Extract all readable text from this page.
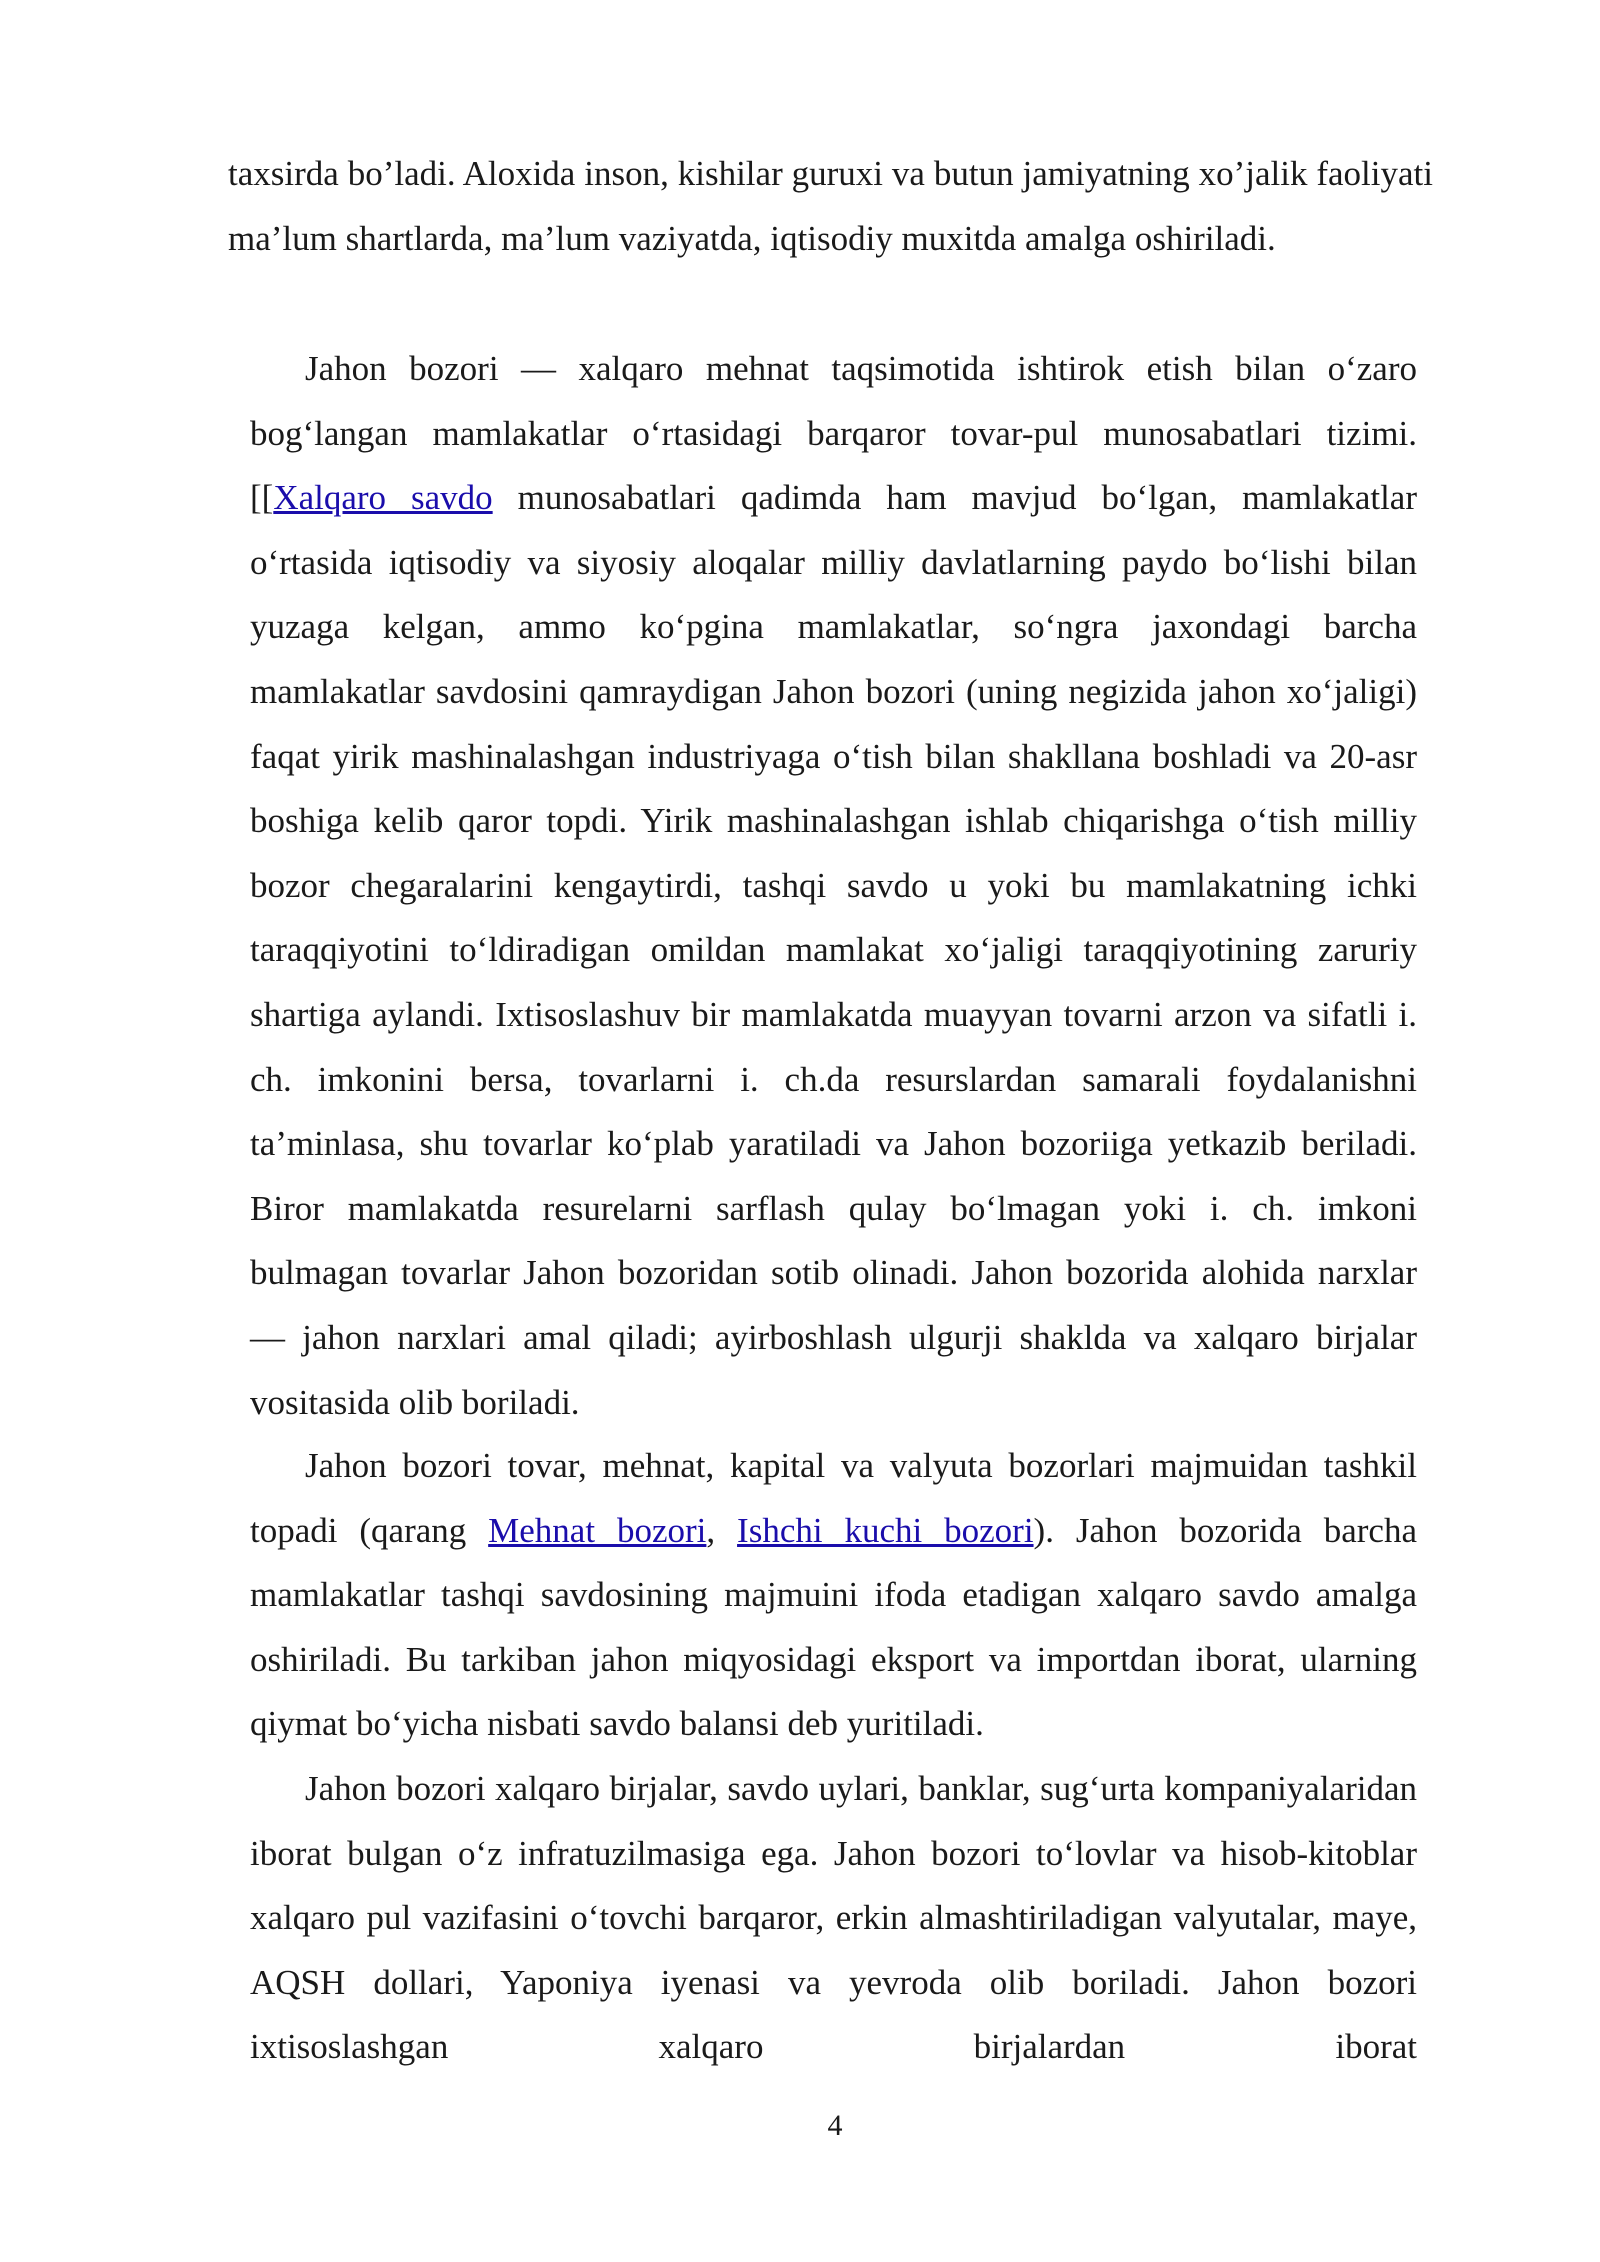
taxsirda bo’ladi. Aloxida inson, kishilar guruxi va butun jamiyatning xo’jalik faoliyati ma’lum shartlarda, ma’lum vaziyatda, iqtisodiy muxitda amalga oshiriladi.

Jahon bozori — xalqaro mehnat taqsimotida ishtirok etish bilan oʻzaro bogʻlangan mamlakatlar oʻrtasidagi barqaror tovar-pul munosabatlari tizimi. [[Xalqaro savdo munosabatlari qadimda ham mavjud boʻlgan, mamlakatlar oʻrtasida iqtisodiy va siyosiy aloqalar milliy davlatlarning paydo boʻlishi bilan yuzaga kelgan, ammo koʻpgina mamlakatlar, soʻngra jaxondagi barcha mamlakatlar savdosini qamraydigan Jahon bozori (uning negizida jahon xoʻjaligi) faqat yirik mashinalashgan industriyaga oʻtish bilan shakllana boshladi va 20-asr boshiga kelib qaror topdi. Yirik mashinalashgan ishlab chiqarishga oʻtish milliy bozor chegaralarini kengaytirdi, tashqi savdo u yoki bu mamlakatning ichki taraqqiyotini toʻldiradigan omildan mamlakat xoʻjaligi taraqqiyotining zaruriy shartiga aylandi. Ixtisoslashuv bir mamlakatda muayyan tovarni arzon va sifatli i. ch. imkonini bersa, tovarlarni i. ch.da resurslardan samarali foydalanishni ta’minlasa, shu tovarlar koʻplab yaratiladi va Jahon bozoriiga yetkazib beriladi. Biror mamlakatda resurelarni sarflash qulay boʻlmagan yoki i. ch. imkoni bulmagan tovarlar Jahon bozoridan sotib olinadi. Jahon bozorida alohida narxlar — jahon narxlari amal qiladi; ayirboshlash ulgurji shaklda va xalqaro birjalar vositasida olib boriladi.

Jahon bozori tovar, mehnat, kapital va valyuta bozorlari majmuidan tashkil topadi (qarang Mehnat bozori, Ishchi kuchi bozori). Jahon bozorida barcha mamlakatlar tashqi savdosining majmuini ifoda etadigan xalqaro savdo amalga oshiriladi. Bu tarkiban jahon miqyosidagi eksport va importdan iborat, ularning qiymat boʻyicha nisbati savdo balansi deb yuritiladi.

Jahon bozori xalqaro birjalar, savdo uylari, banklar, sugʻurta kompaniyalaridan iborat bulgan oʻz infratuzilmasiga ega. Jahon bozori toʻlovlar va hisob-kitoblar xalqaro pul vazifasini oʻtovchi barqaror, erkin almashtiriladigan valyutalar, maye, AQSH dollari, Yaponiya iyenasi va yevroda olib boriladi. Jahon bozori ixtisoslashgan xalqaro birjalardan iborat

4
